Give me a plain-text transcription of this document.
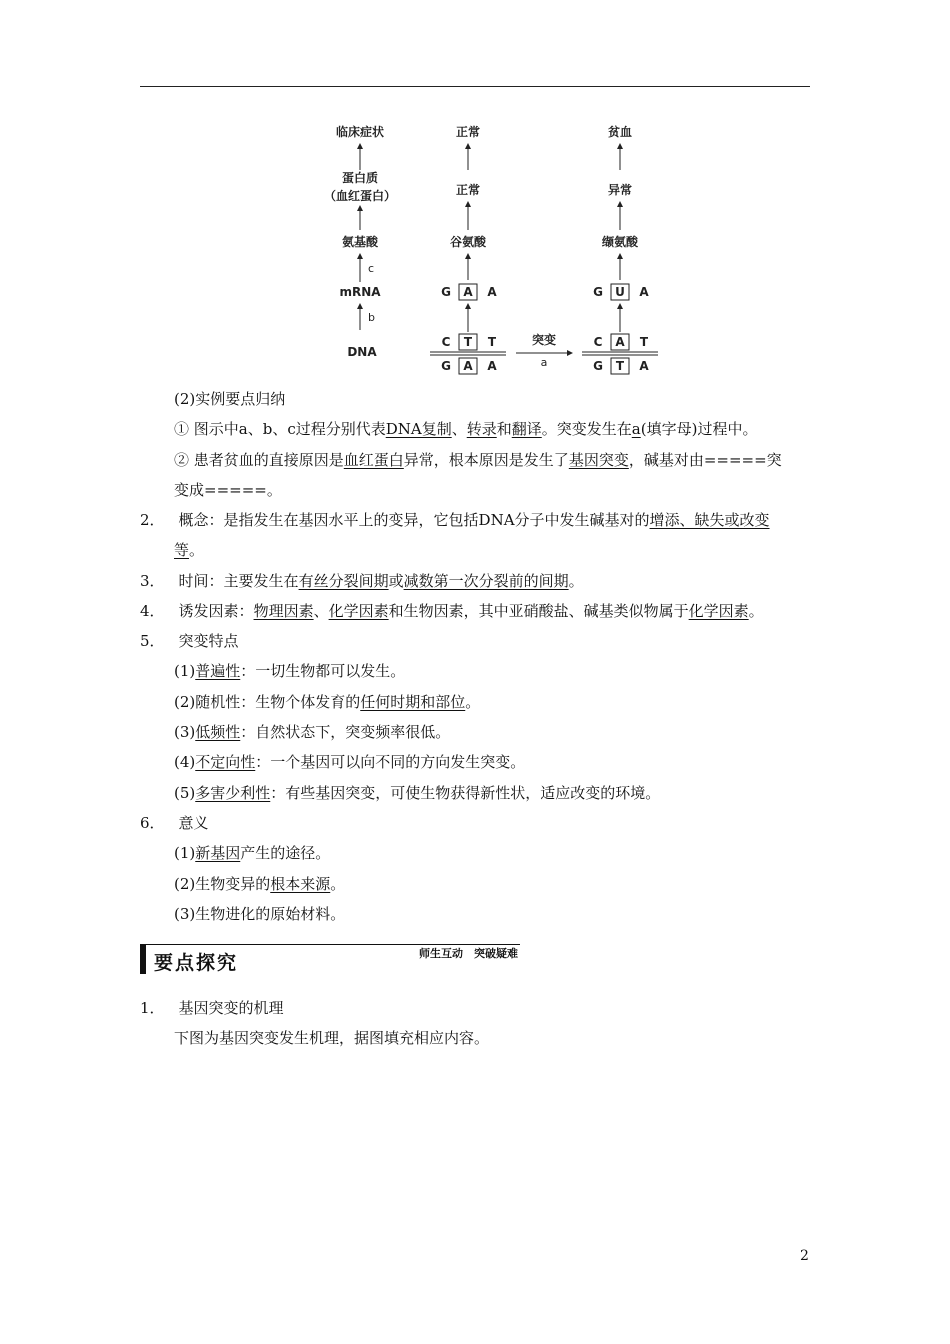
临床症状
蛋白质
（血红蛋白）
氨基酸
c
mRNA
b
DNA
正常
正常
谷氨酸
G A A
C T T
G A A
突变
a
贫血
异常
缬氨酸
G U A
C A T
G T A
(2)实例要点归纳
① 图示中a、b、c过程分别代表DNA复制、转录和翻译。突变发生在a(填字母)过程中。
② 患者贫血的直接原因是血红蛋白异常，根本原因是发生了基因突变，碱基对由=====突
变成=====。
2． 概念：是指发生在基因水平上的变异，它包括DNA分子中发生碱基对的增添、缺失或改变
等。
3． 时间：主要发生在有丝分裂间期或减数第一次分裂前的间期。
4． 诱发因素：物理因素、化学因素和生物因素，其中亚硝酸盐、碱基类似物属于化学因素。
5． 突变特点
(1)普遍性：一切生物都可以发生。
(2)随机性：生物个体发育的任何时期和部位。
(3)低频性：自然状态下，突变频率很低。
(4)不定向性：一个基因可以向不同的方向发生突变。
(5)多害少利性：有些基因突变，可使生物获得新性状，适应改变的环境。
6． 意义
(1)新基因产生的途径。
(2)生物变异的根本来源。
(3)生物进化的原始材料。
要点探究	师生互动　突破疑难
1． 基因突变的机理
下图为基因突变发生机理，据图填充相应内容。
2
